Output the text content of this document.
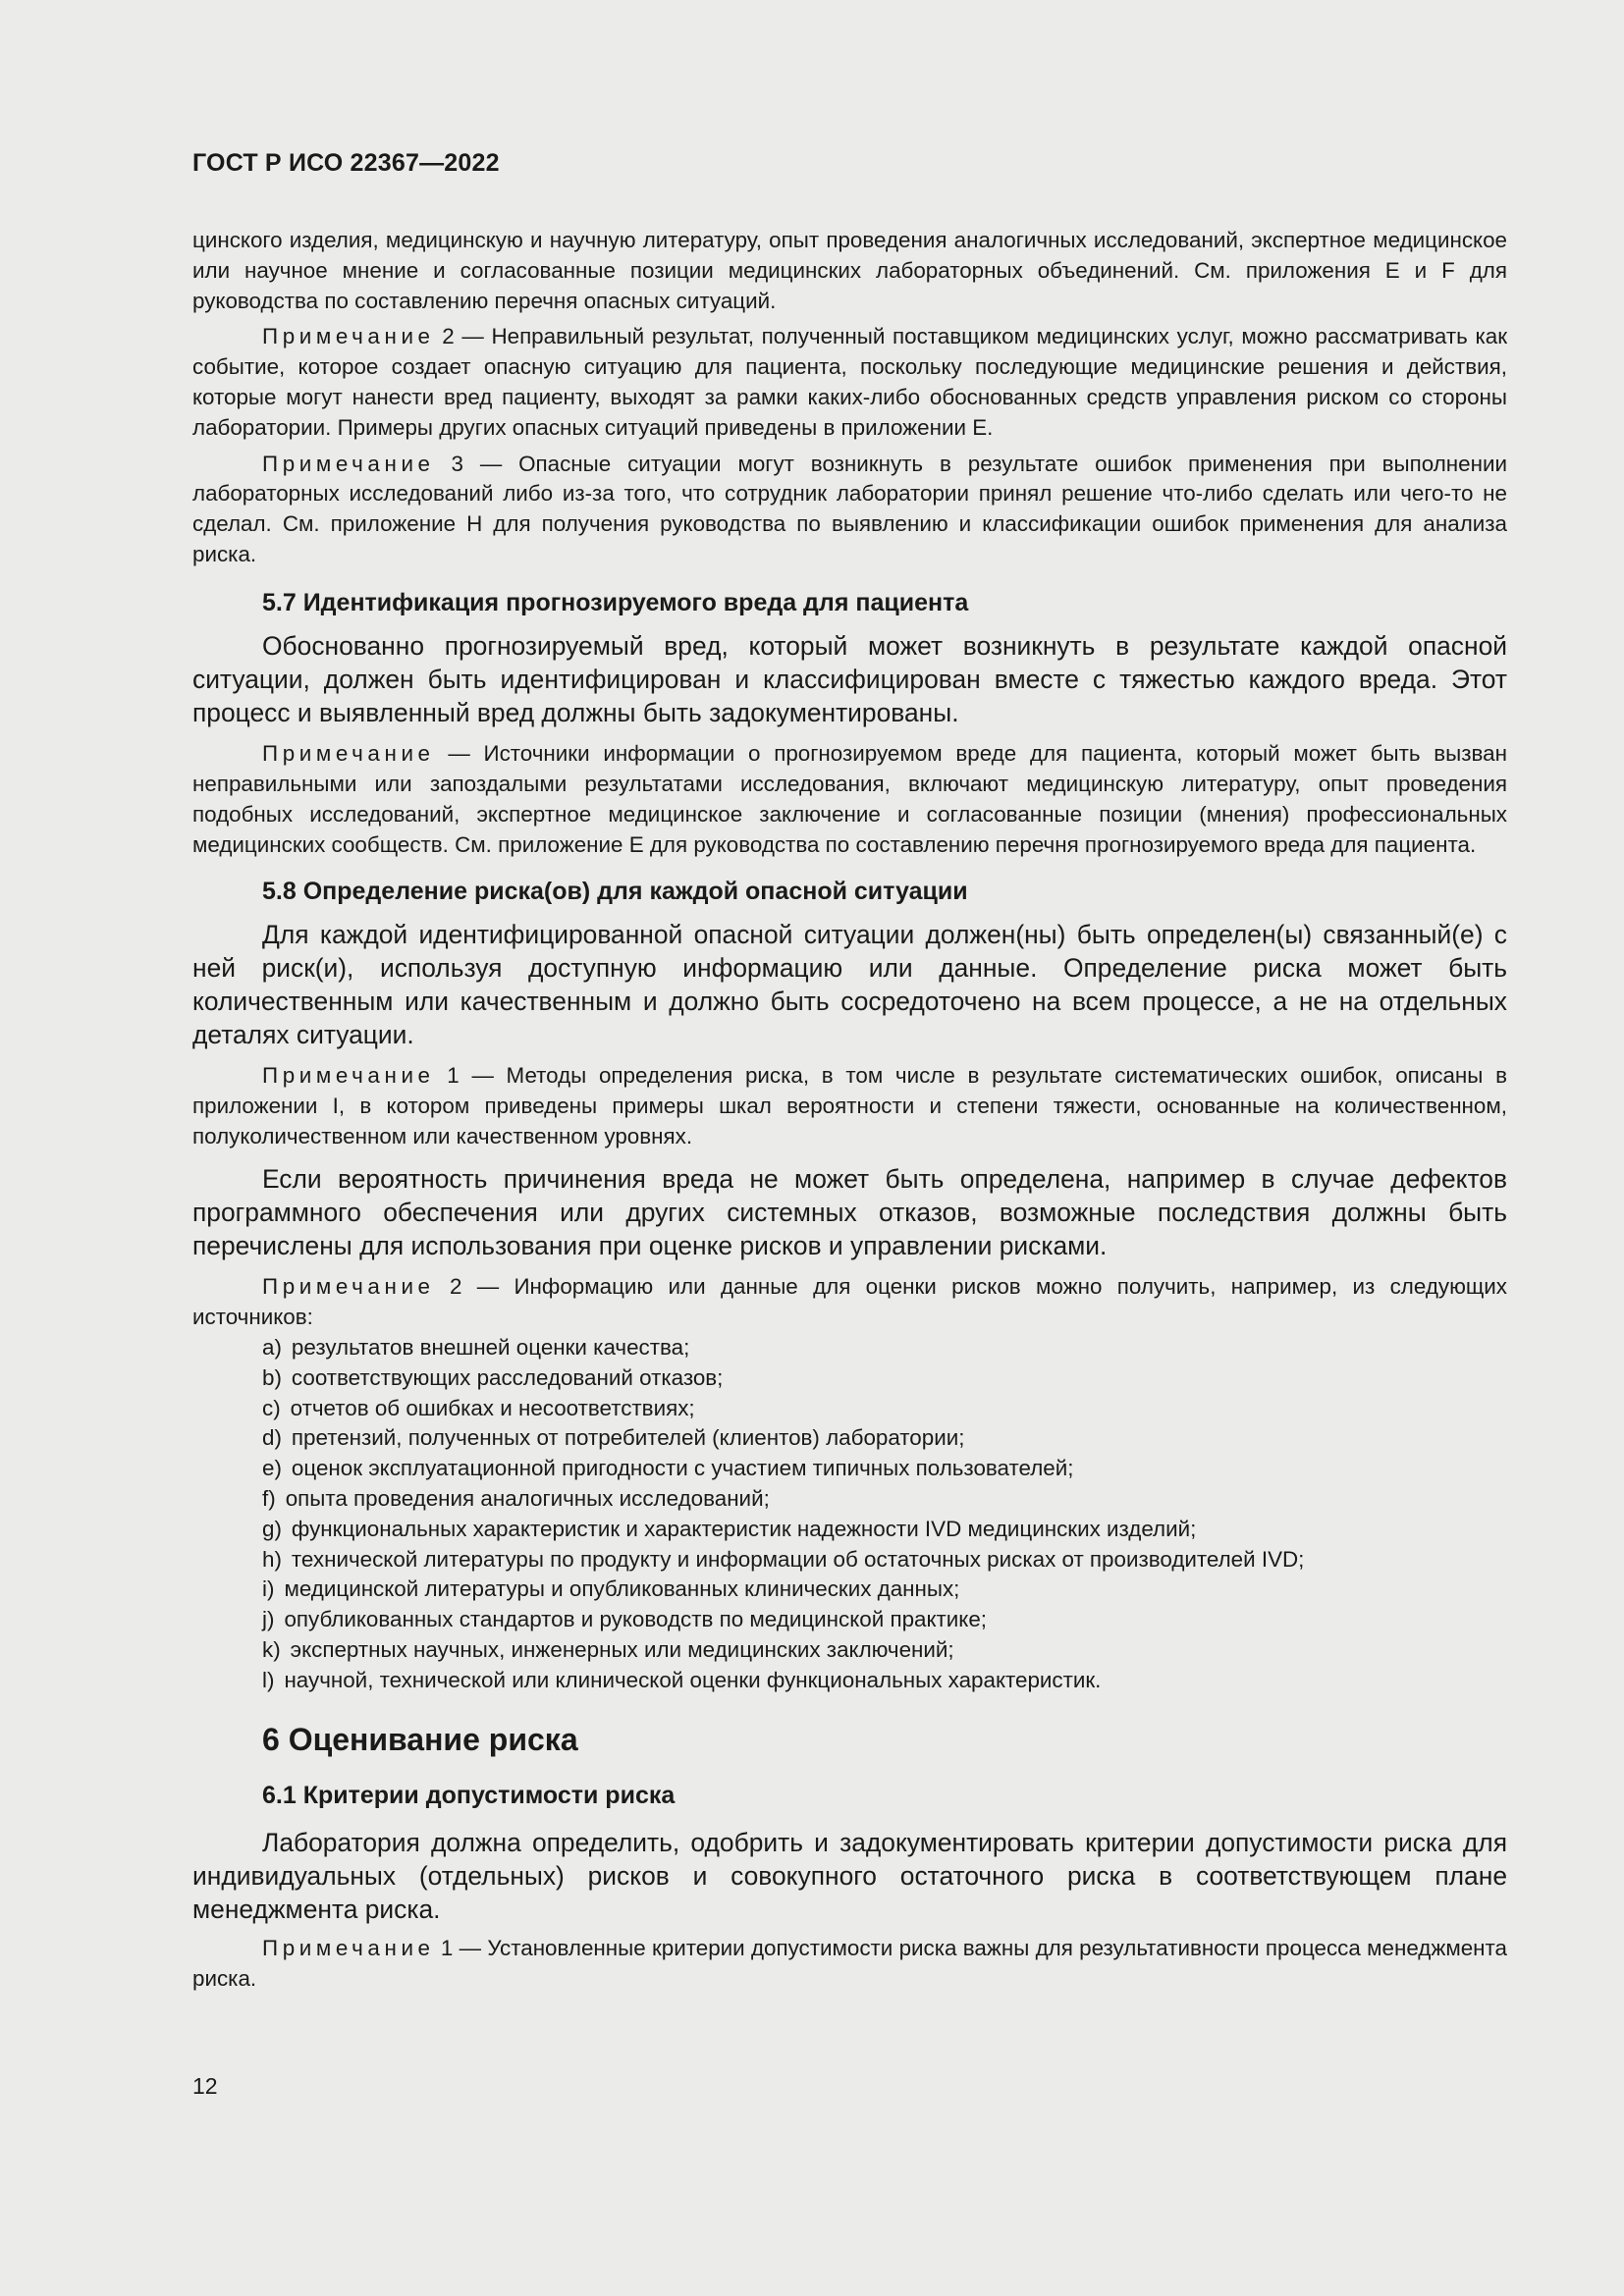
ГОСТ Р ИСО 22367—2022

цинского изделия, медицинскую и научную литературу, опыт проведения аналогичных исследований, экспертное медицинское или научное мнение и согласованные позиции медицинских лабораторных объединений. См. приложения Е и F для руководства по составлению перечня опасных ситуаций.

Примечание 2 — Неправильный результат, полученный поставщиком медицинских услуг, можно рассматривать как событие, которое создает опасную ситуацию для пациента, поскольку последующие медицинские решения и действия, которые могут нанести вред пациенту, выходят за рамки каких-либо обоснованных средств управления риском со стороны лаборатории. Примеры других опасных ситуаций приведены в приложении Е.

Примечание 3 — Опасные ситуации могут возникнуть в результате ошибок применения при выполнении лабораторных исследований либо из-за того, что сотрудник лаборатории принял решение что-либо сделать или чего-то не сделал. См. приложение Н для получения руководства по выявлению и классификации ошибок применения для анализа риска.

5.7 Идентификация прогнозируемого вреда для пациента

Обоснованно прогнозируемый вред, который может возникнуть в результате каждой опасной ситуации, должен быть идентифицирован и классифицирован вместе с тяжестью каждого вреда. Этот процесс и выявленный вред должны быть задокументированы.

Примечание — Источники информации о прогнозируемом вреде для пациента, который может быть вызван неправильными или запоздалыми результатами исследования, включают медицинскую литературу, опыт проведения подобных исследований, экспертное медицинское заключение и согласованные позиции (мнения) профессиональных медицинских сообществ. См. приложение Е для руководства по составлению перечня прогнозируемого вреда для пациента.

5.8 Определение риска(ов) для каждой опасной ситуации

Для каждой идентифицированной опасной ситуации должен(ны) быть определен(ы) связанный(е) с ней риск(и), используя доступную информацию или данные. Определение риска может быть количественным или качественным и должно быть сосредоточено на всем процессе, а не на отдельных деталях ситуации.

Примечание 1 — Методы определения риска, в том числе в результате систематических ошибок, описаны в приложении I, в котором приведены примеры шкал вероятности и степени тяжести, основанные на количественном, полуколичественном или качественном уровнях.

Если вероятность причинения вреда не может быть определена, например в случае дефектов программного обеспечения или других системных отказов, возможные последствия должны быть перечислены для использования при оценке рисков и управлении рисками.

Примечание 2 — Информацию или данные для оценки рисков можно получить, например, из следующих источников:

a) результатов внешней оценки качества;
b) соответствующих расследований отказов;
c) отчетов об ошибках и несоответствиях;
d) претензий, полученных от потребителей (клиентов) лаборатории;
e) оценок эксплуатационной пригодности с участием типичных пользователей;
f) опыта проведения аналогичных исследований;
g) функциональных характеристик и характеристик надежности IVD медицинских изделий;
h) технической литературы по продукту и информации об остаточных рисках от производителей IVD;
i) медицинской литературы и опубликованных клинических данных;
j) опубликованных стандартов и руководств по медицинской практике;
k) экспертных научных, инженерных или медицинских заключений;
l) научной, технической или клинической оценки функциональных характеристик.
6 Оценивание риска
6.1 Критерии допустимости риска

Лаборатория должна определить, одобрить и задокументировать критерии допустимости риска для индивидуальных (отдельных) рисков и совокупного остаточного риска в соответствующем плане менеджмента риска.

Примечание 1 — Установленные критерии допустимости риска важны для результативности процесса менеджмента риска.

12
